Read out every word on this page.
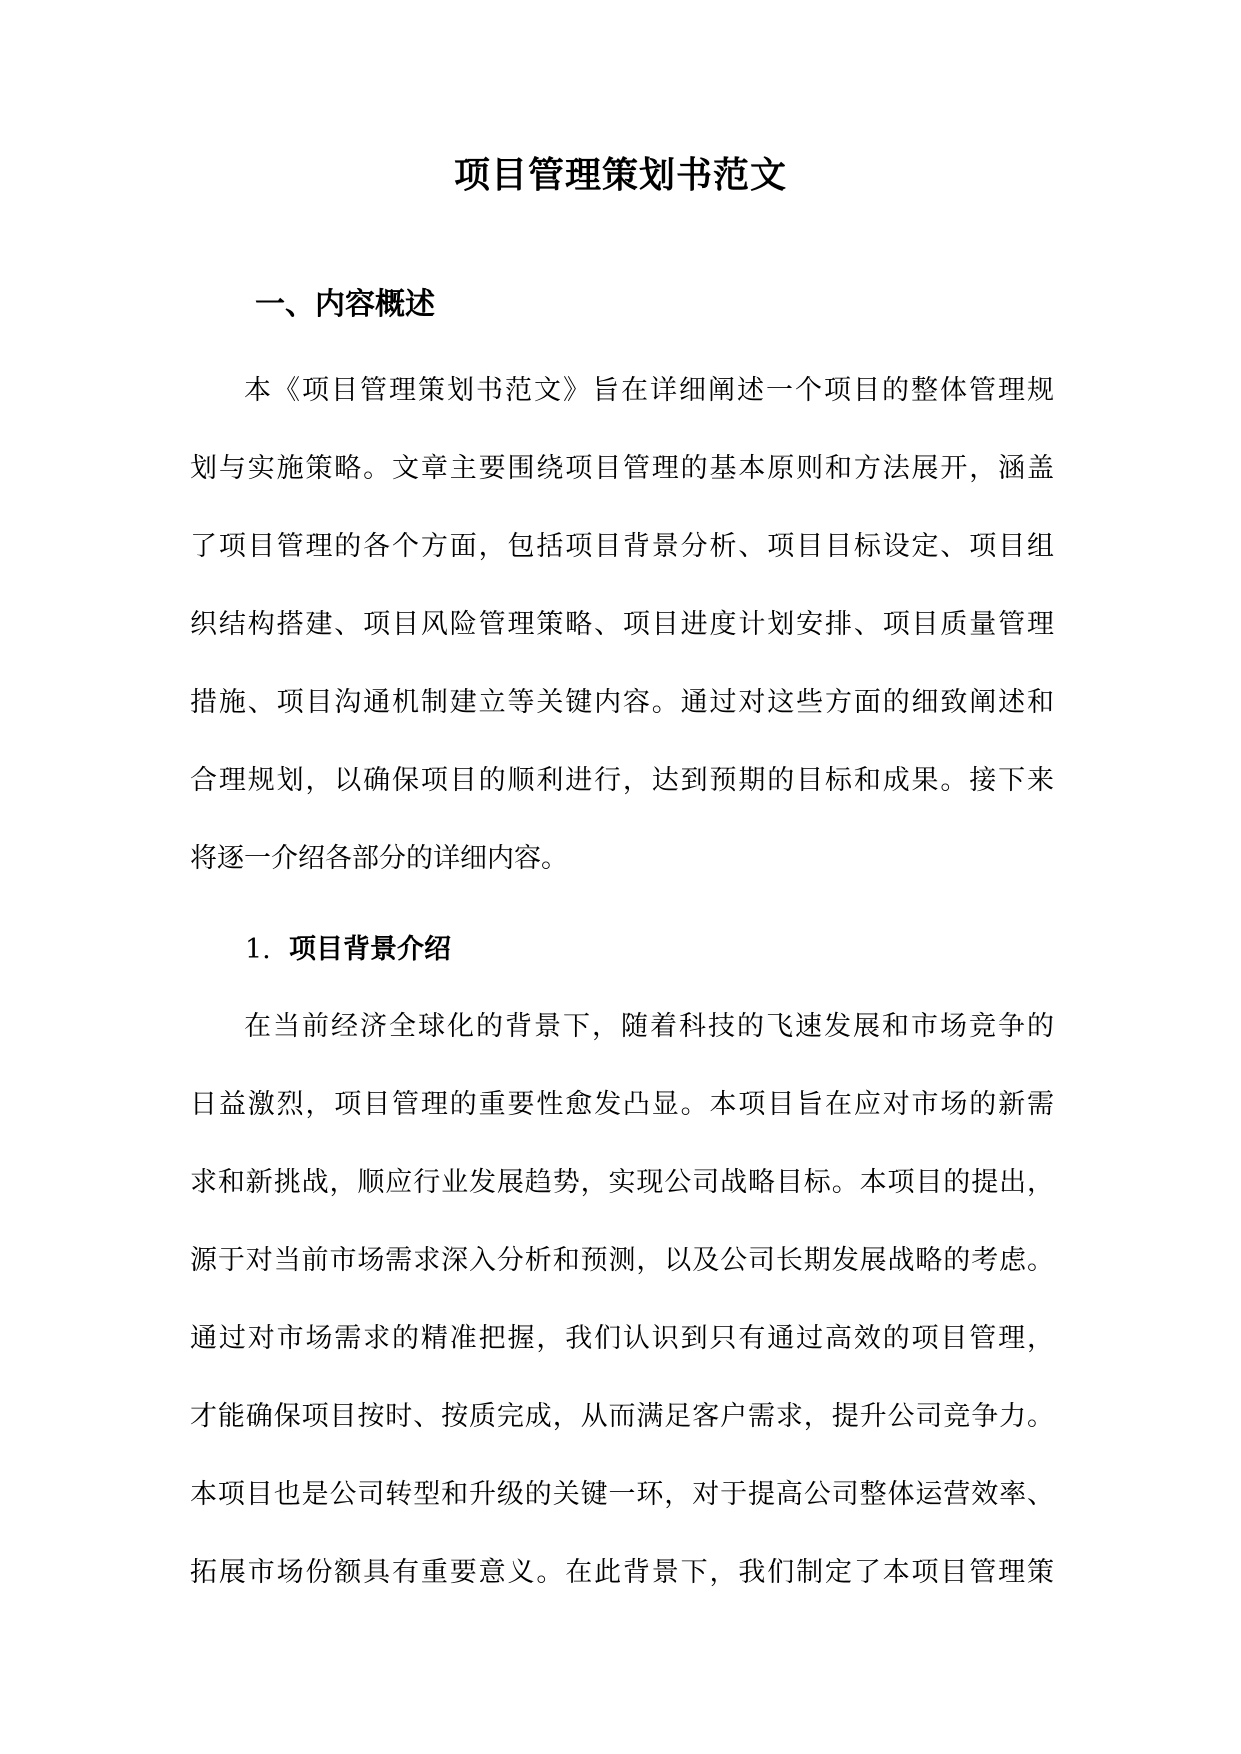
项目管理策划书范文
一、内容概述
本《项目管理策划书范文》旨在详细阐述一个项目的整体管理规
划与实施策略。文章主要围绕项目管理的基本原则和方法展开，涵盖
了项目管理的各个方面，包括项目背景分析、项目目标设定、项目组
织结构搭建、项目风险管理策略、项目进度计划安排、项目质量管理
措施、项目沟通机制建立等关键内容。通过对这些方面的细致阐述和
合理规划，以确保项目的顺利进行，达到预期的目标和成果。接下来
将逐一介绍各部分的详细内容。
1. 项目背景介绍
在当前经济全球化的背景下，随着科技的飞速发展和市场竞争的
日益激烈，项目管理的重要性愈发凸显。本项目旨在应对市场的新需
求和新挑战，顺应行业发展趋势，实现公司战略目标。本项目的提出，
源于对当前市场需求深入分析和预测，以及公司长期发展战略的考虑。
通过对市场需求的精准把握，我们认识到只有通过高效的项目管理，
才能确保项目按时、按质完成，从而满足客户需求，提升公司竞争力。
本项目也是公司转型和升级的关键一环，对于提高公司整体运营效率、
拓展市场份额具有重要意义。在此背景下，我们制定了本项目管理策
